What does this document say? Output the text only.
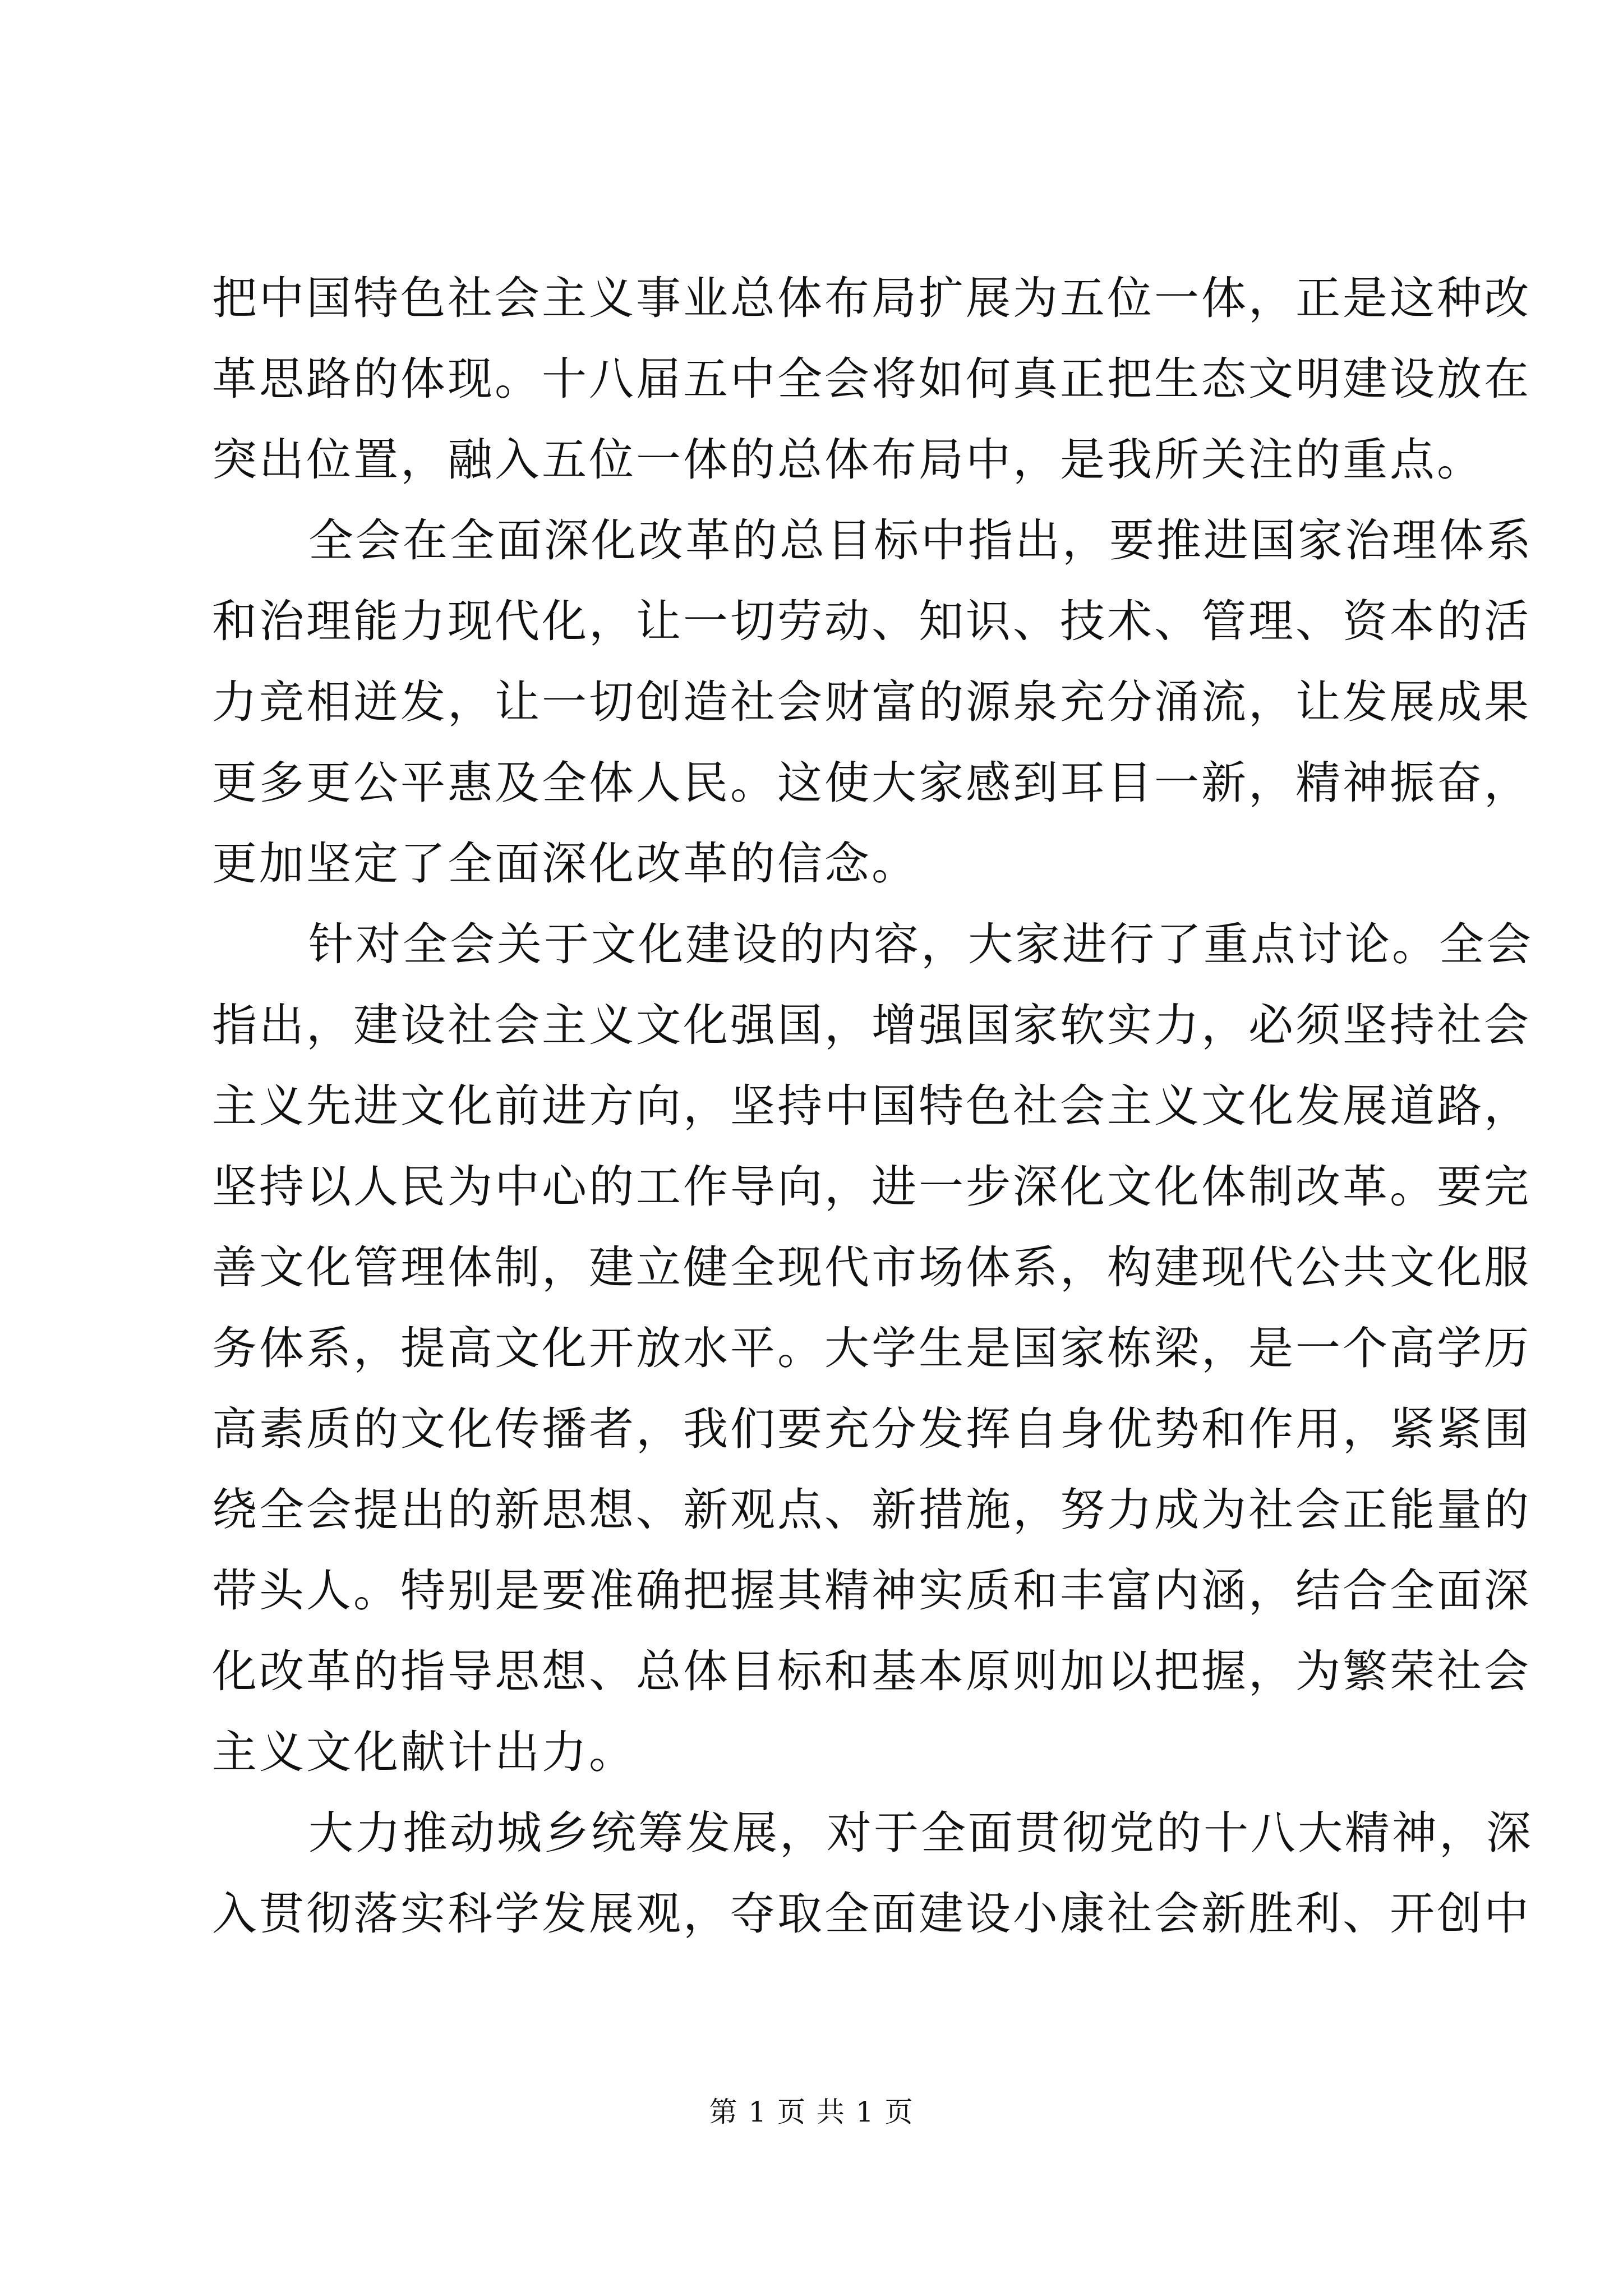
把中国特色社会主义事业总体布局扩展为五位一体，正是这种改
革思路的体现。十八届五中全会将如何真正把生态文明建设放在
突出位置，融入五位一体的总体布局中，是我所关注的重点。
全会在全面深化改革的总目标中指出，要推进国家治理体系
和治理能力现代化，让一切劳动、知识、技术、管理、资本的活
力竞相迸发，让一切创造社会财富的源泉充分涌流，让发展成果
更多更公平惠及全体人民。这使大家感到耳目一新，精神振奋，
更加坚定了全面深化改革的信念。
针对全会关于文化建设的内容，大家进行了重点讨论。全会
指出，建设社会主义文化强国，增强国家软实力，必须坚持社会
主义先进文化前进方向，坚持中国特色社会主义文化发展道路，
坚持以人民为中心的工作导向，进一步深化文化体制改革。要完
善文化管理体制，建立健全现代市场体系，构建现代公共文化服
务体系，提高文化开放水平。大学生是国家栋梁，是一个高学历
高素质的文化传播者，我们要充分发挥自身优势和作用，紧紧围
绕全会提出的新思想、新观点、新措施，努力成为社会正能量的
带头人。特别是要准确把握其精神实质和丰富内涵，结合全面深
化改革的指导思想、总体目标和基本原则加以把握，为繁荣社会
主义文化献计出力。
大力推动城乡统筹发展，对于全面贯彻党的十八大精神，深
入贯彻落实科学发展观，夺取全面建设小康社会新胜利、开创中
第 1 页 共 1 页
